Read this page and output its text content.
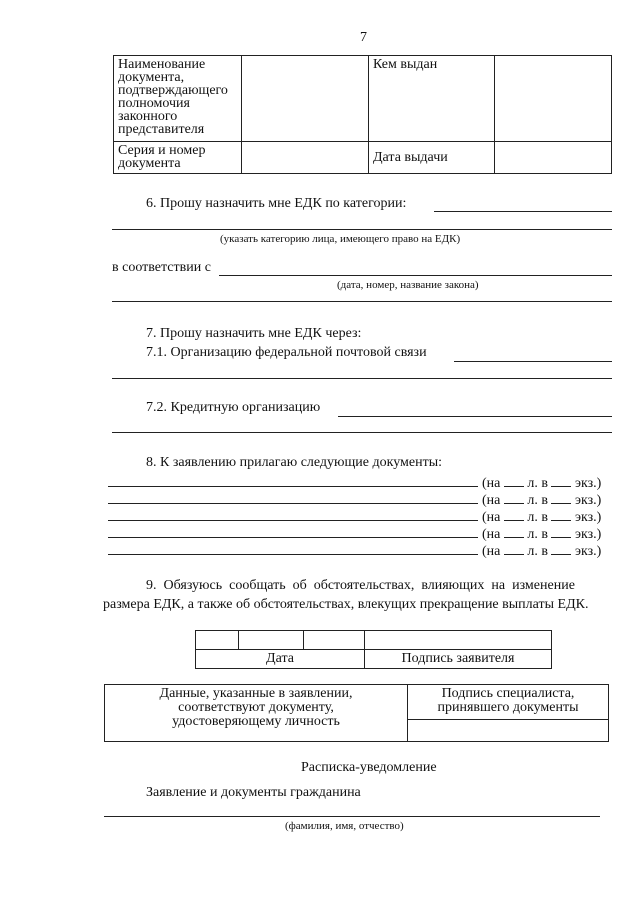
7
Наименование документа, подтверждающего полномочия законного представителя		Кем выдан	
Серия и номер документа		Дата выдачи	
6. Прошу назначить мне ЕДК по категории:
(указать категорию лица, имеющего право на ЕДК)
в соответствии с
(дата, номер, название закона)
7. Прошу назначить мне ЕДК через:
7.1. Организацию федеральной почтовой связи
7.2. Кредитную организацию
8. К заявлению прилагаю следующие документы:
(на л. в экз.)
(на л. в экз.)
(на л. в экз.)
(на л. в экз.)
(на л. в экз.)
9.  Обязуюсь  сообщать  об  обстоятельствах,  влияющих  на  изменение
размера ЕДК, а также об обстоятельствах, влекущих прекращение выплаты ЕДК.

Дата			Подпись заявителя
Данные, указанные в заявлении, соответствуют документу, удостоверяющему личность	Подпись специалиста, принявшего документы

Расписка-уведомление
Заявление и документы гражданина
(фамилия, имя, отчество)
